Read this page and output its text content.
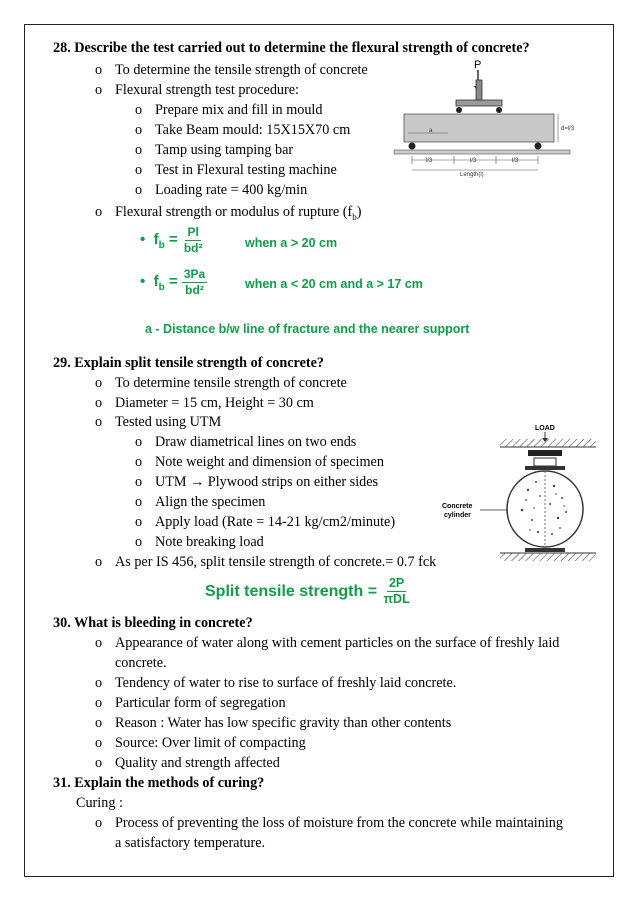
28. Describe the test carried out to determine the flexural strength of concrete?
o To determine the tensile strength of concrete
o Flexural strength test procedure:
o Prepare mix and fill in mould
o Take Beam mould: 15X15X70 cm
o Tamp using tamping bar
o Test in Flexural testing machine
o Loading rate = 400 kg/min
o Flexural strength or modulus of rupture $(f_b)$
P
a	d=l/3
l/3	l/3	l/3
Length(l)
• $f_b = \frac{Pl}{\text{bd²}}$	when a > 20 cm
• $f_b = \frac{3Pa}{\text{bd²}}$	when a < 20 cm and a > 17 cm
a - Distance b/w line of fracture and the nearer support
29. Explain split tensile strength of concrete?
o To determine tensile strength of concrete
o Diameter = 15 cm, Height = 30 cm
o Tested using UTM
o Draw diametrical lines on two ends
o Note weight and dimension of specimen
o UTM → Plywood strips on either sides
o Align the specimen
o Apply load (Rate = 14-21 kg/cm2/minute)
o Note breaking load
o As per IS 456, split tensile strength of concrete.= 0.7 fck
LOAD
Concrete
cylinder
Split tensile strength = $\frac{2P}{\text{πDL}}$
30. What is bleeding in concrete?
o Appearance of water along with cement particles on the surface of freshly laid
concrete.
o Tendency of water to rise to surface of freshly laid concrete.
o Particular form of segregation
o Reason : Water has low specific gravity than other contents
o Source: Over limit of compacting
o Quality and strength affected
31. Explain the methods of curing?
Curing :
o Process of preventing the loss of moisture from the concrete while maintaining
a satisfactory temperature.
